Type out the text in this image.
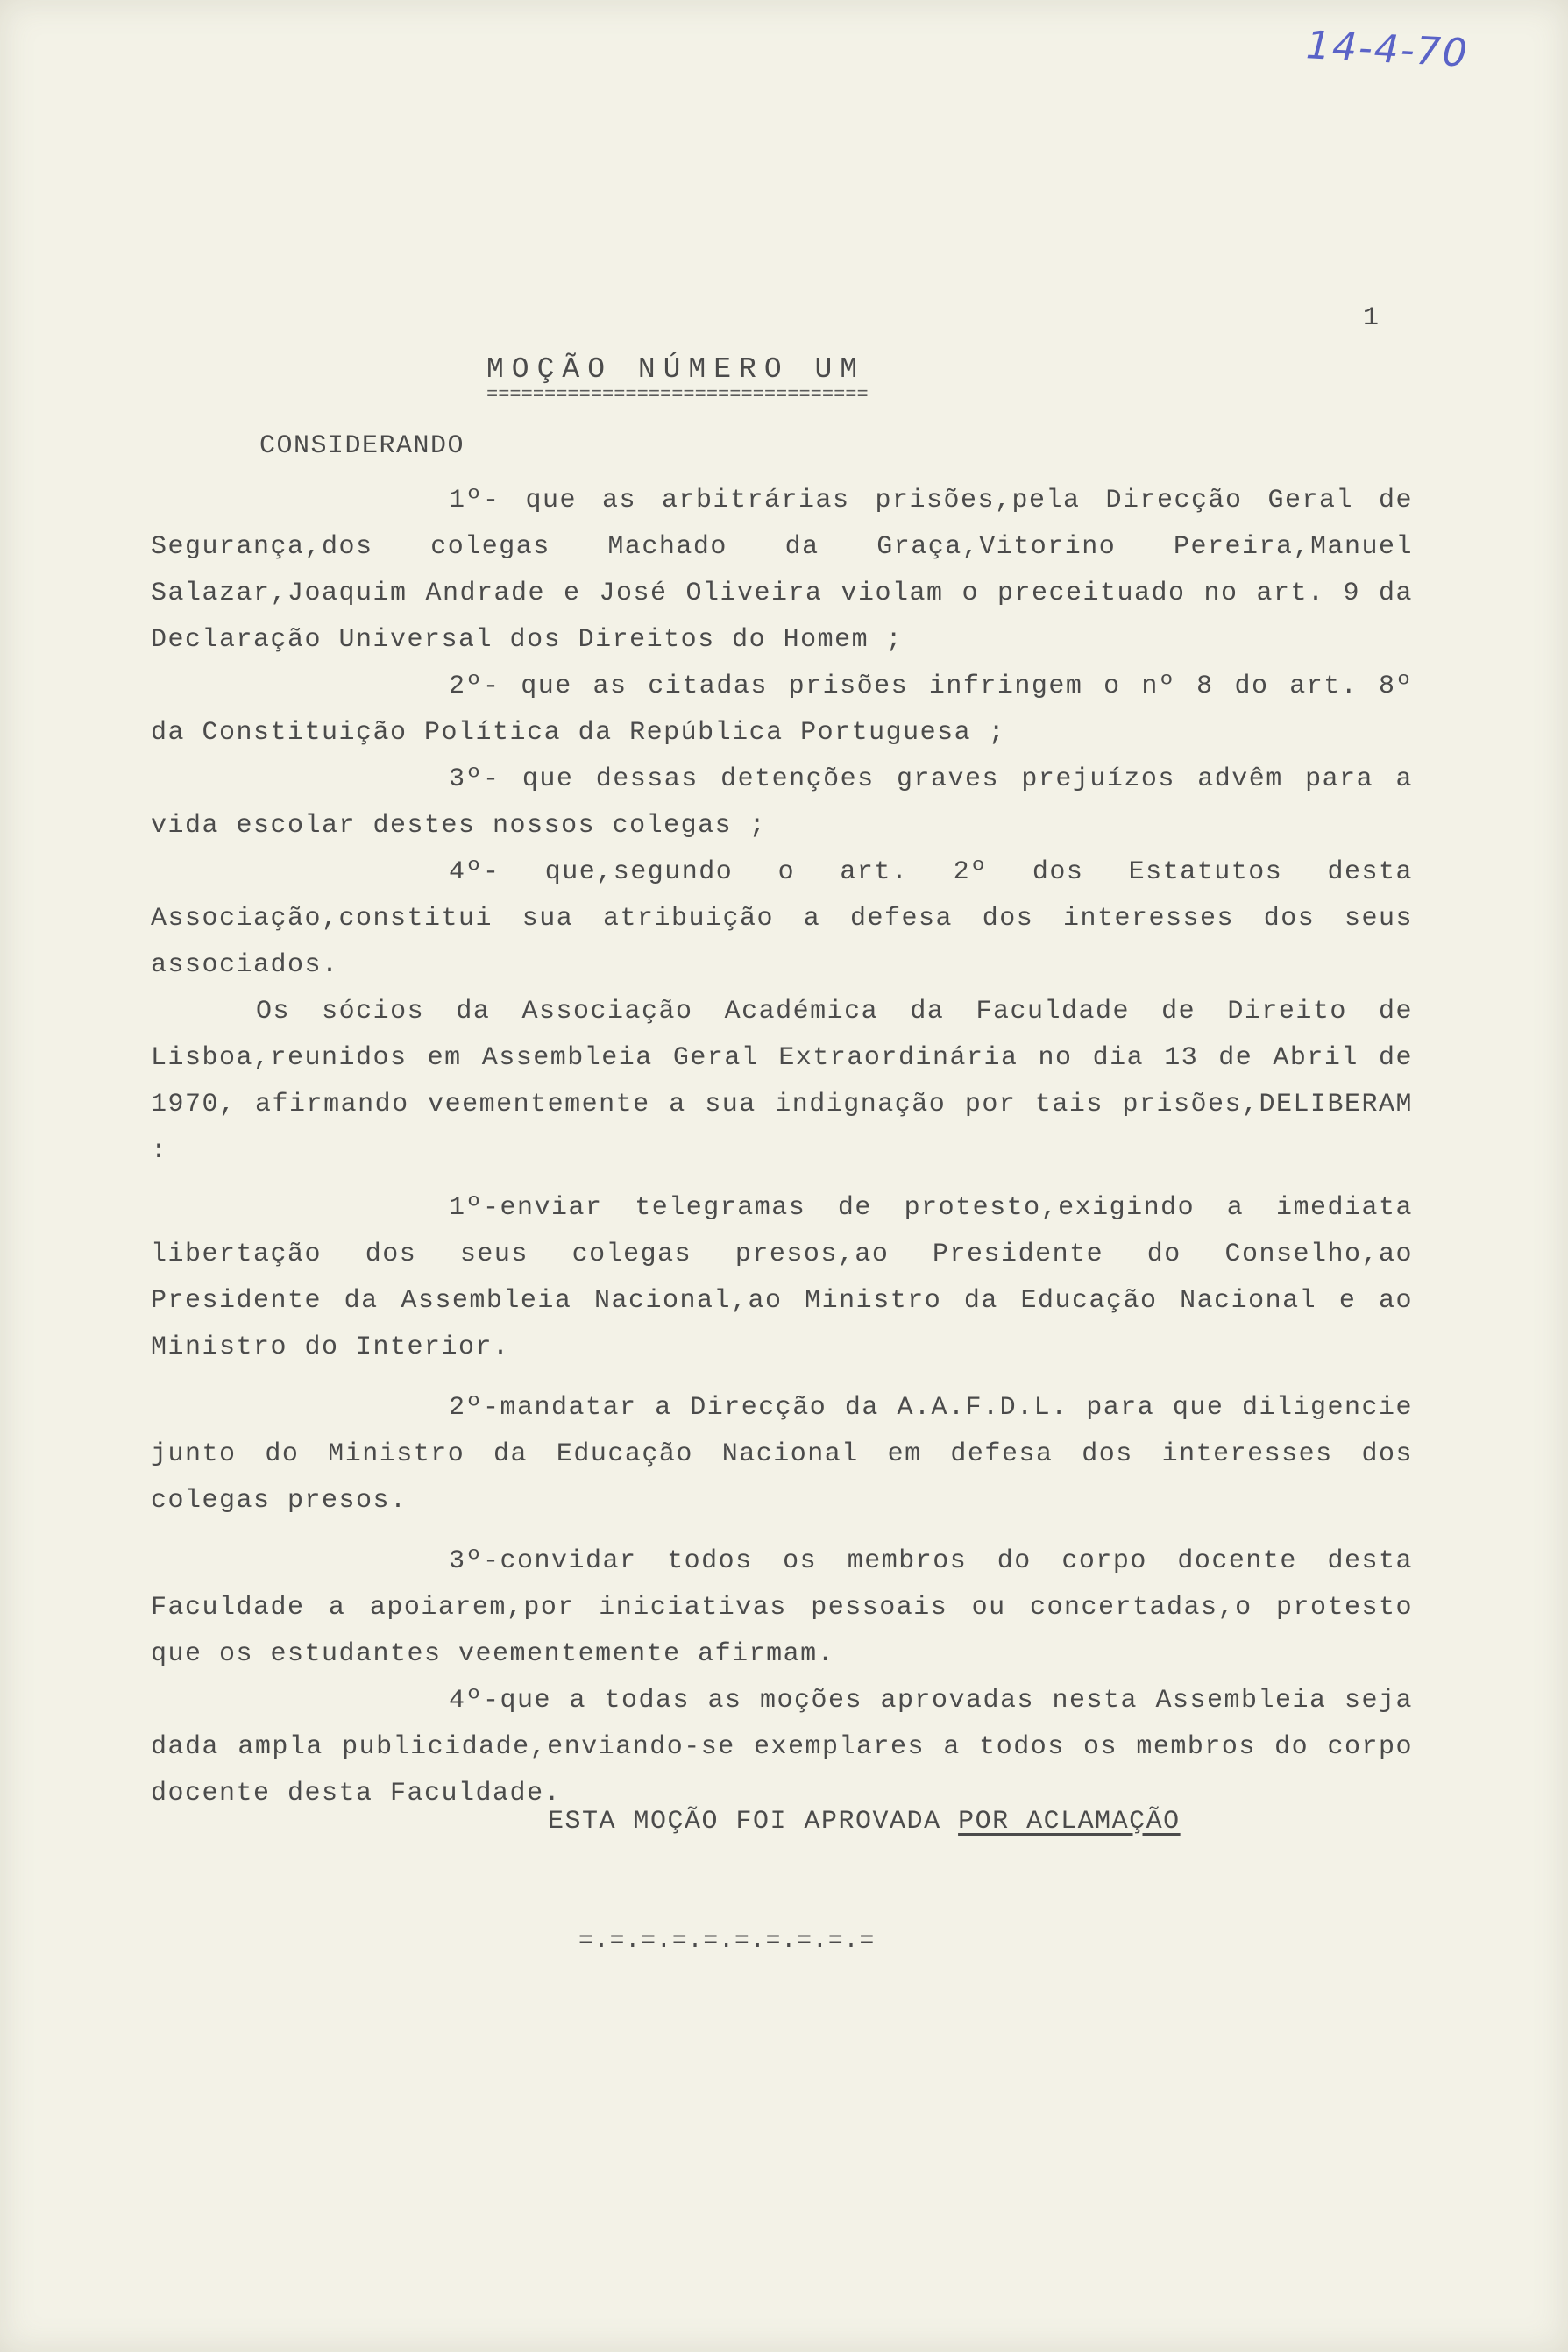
14-4-70
1
MOÇÃO NÚMERO UM
=================================
CONSIDERANDO

1º- que as arbitrárias prisões,pela Direcção Geral de Segurança,dos colegas Machado da Graça,Vitorino Pereira,Manuel Salazar,Joaquim Andrade e José Oliveira violam o preceituado no art. 9 da Declaração Universal dos Direitos do Homem ;

2º- que as citadas prisões infringem o nº 8 do art. 8º da Constituição Política da República Portuguesa ;

3º- que dessas detenções graves prejuízos advêm para a vida escolar destes nossos colegas ;

4º- que,segundo o art. 2º dos Estatutos desta Associação,constitui sua atribuição a defesa dos interesses dos seus associados.

Os sócios da Associação Académica da Faculdade de Direito de Lisboa,reunidos em Assembleia Geral Extraordinária no dia 13 de Abril de 1970, afirmando veementemente a sua indignação por tais prisões,DELIBERAM :

1º-enviar telegramas de protesto,exigindo a imediata libertação dos seus colegas presos,ao Presidente do Conselho,ao Presidente da Assembleia Nacional,ao Ministro da Educação Nacional e ao Ministro do Interior.

2º-mandatar a Direcção da A.A.F.D.L. para que diligencie junto do Ministro da Educação Nacional em defesa dos interesses dos colegas presos.

3º-convidar todos os membros do corpo docente desta Faculdade a apoiarem,por iniciativas pessoais ou concertadas,o protesto que os estudantes veementemente afirmam.

4º-que a todas as moções aprovadas nesta Assembleia seja dada ampla publicidade,enviando-se exemplares a todos os membros do corpo docente desta Faculdade.

ESTA MOÇÃO FOI APROVADA POR ACLAMAÇÃO
=.=.=.=.=.=.=.=.=.=
